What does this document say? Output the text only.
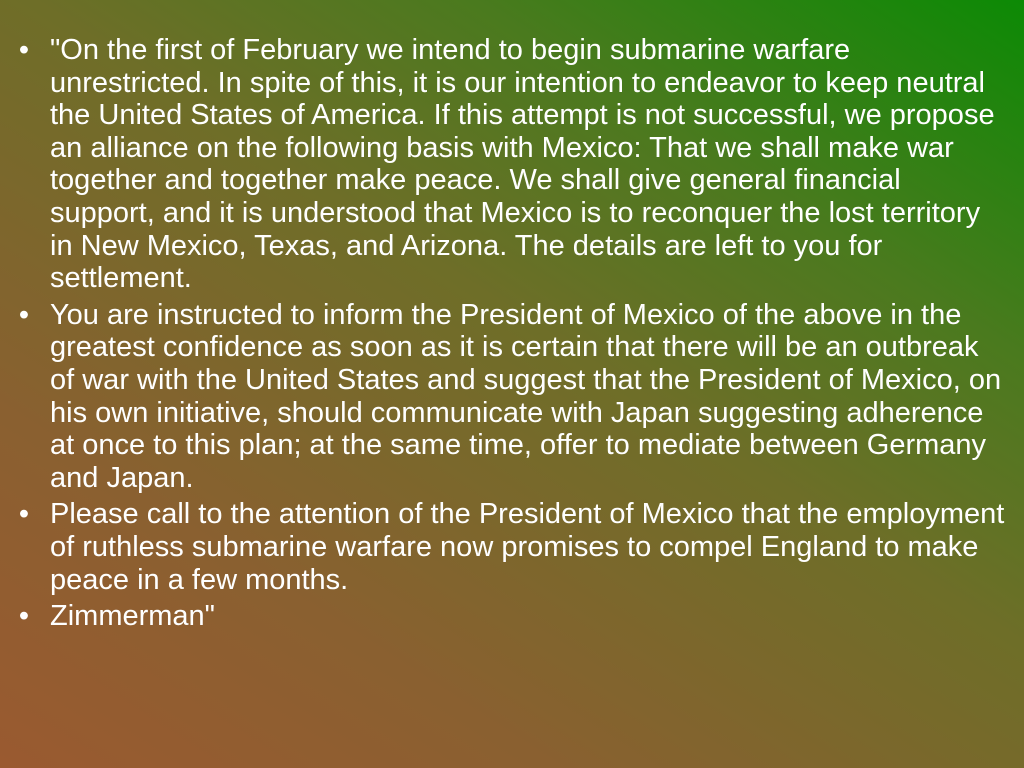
• "On the first of February we intend to begin submarine warfare unrestricted. In spite of this, it is our intention to endeavor to keep neutral the United States of America. If this attempt is not successful, we propose an alliance on the following basis with Mexico: That we shall make war together and together make peace. We shall give general financial support, and it is understood that Mexico is to reconquer the lost territory in New Mexico, Texas, and Arizona. The details are left to you for settlement.
• You are instructed to inform the President of Mexico of the above in the greatest confidence as soon as it is certain that there will be an outbreak of war with the United States and suggest that the President of Mexico, on his own initiative, should communicate with Japan suggesting adherence at once to this plan; at the same time, offer to mediate between Germany and Japan.
• Please call to the attention of the President of Mexico that the employment of ruthless submarine warfare now promises to compel England to make peace in a few months.
• Zimmerman"
